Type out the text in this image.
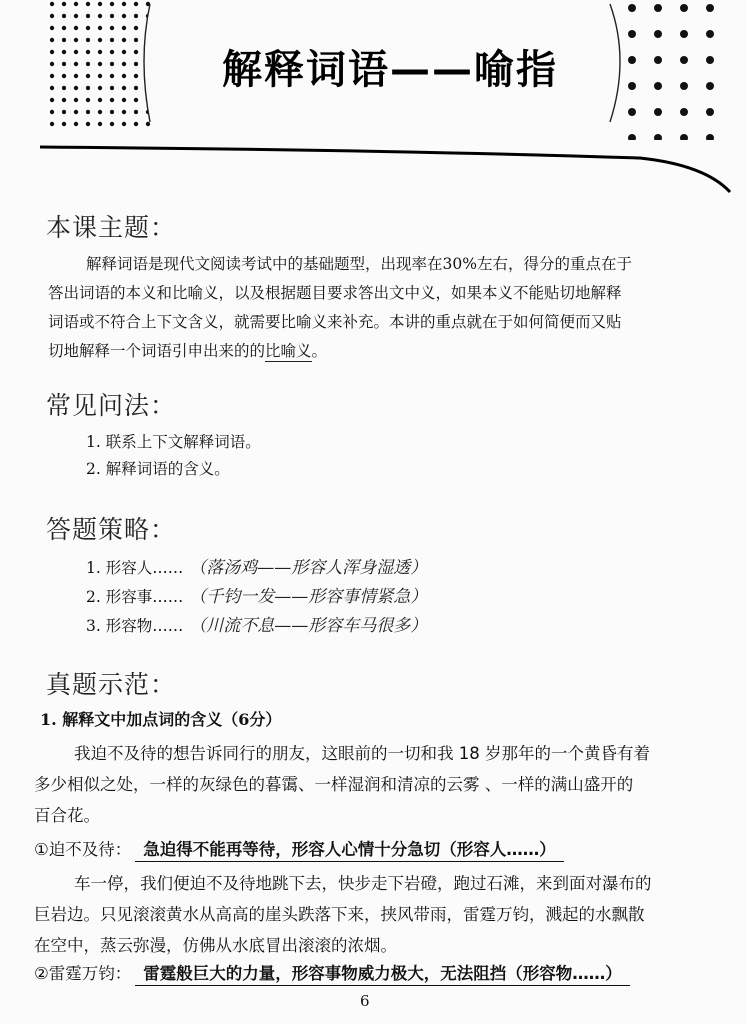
解释词语——喻指
本课主题：
解释词语是现代文阅读考试中的基础题型，出现率在30%左右，得分的重点在于
答出词语的本义和比喻义，以及根据题目要求答出文中义，如果本义不能贴切地解释
词语或不符合上下文含义，就需要比喻义来补充。本讲的重点就在于如何简便而又贴
切地解释一个词语引申出来的的比喻义。
常见问法：
1. 联系上下文解释词语。
2. 解释词语的含义。
答题策略：
1. 形容人…… （落汤鸡——形容人浑身湿透）
2. 形容事…… （千钧一发——形容事情紧急）
3. 形容物…… （川流不息——形容车马很多）
真题示范：
1. 解释文中加点词的含义（6分）
我迫不及待的想告诉同行的朋友，这眼前的一切和我 18 岁那年的一个黄昏有着
多少相似之处，一样的灰绿色的暮霭、一样湿润和清凉的云雾 、一样的满山盛开的
百合花。
①迫不及待： 急迫得不能再等待，形容人心情十分急切（形容人……）
车一停，我们便迫不及待地跳下去，快步走下岩磴，跑过石滩，来到面对瀑布的
巨岩边。只见滚滚黄水从高高的崖头跌落下来，挟风带雨，雷霆万钧，溅起的水飘散
在空中，蒸云弥漫，仿佛从水底冒出滚滚的浓烟。
②雷霆万钧： 雷霆般巨大的力量，形容事物威力极大，无法阻挡（形容物……）
6
